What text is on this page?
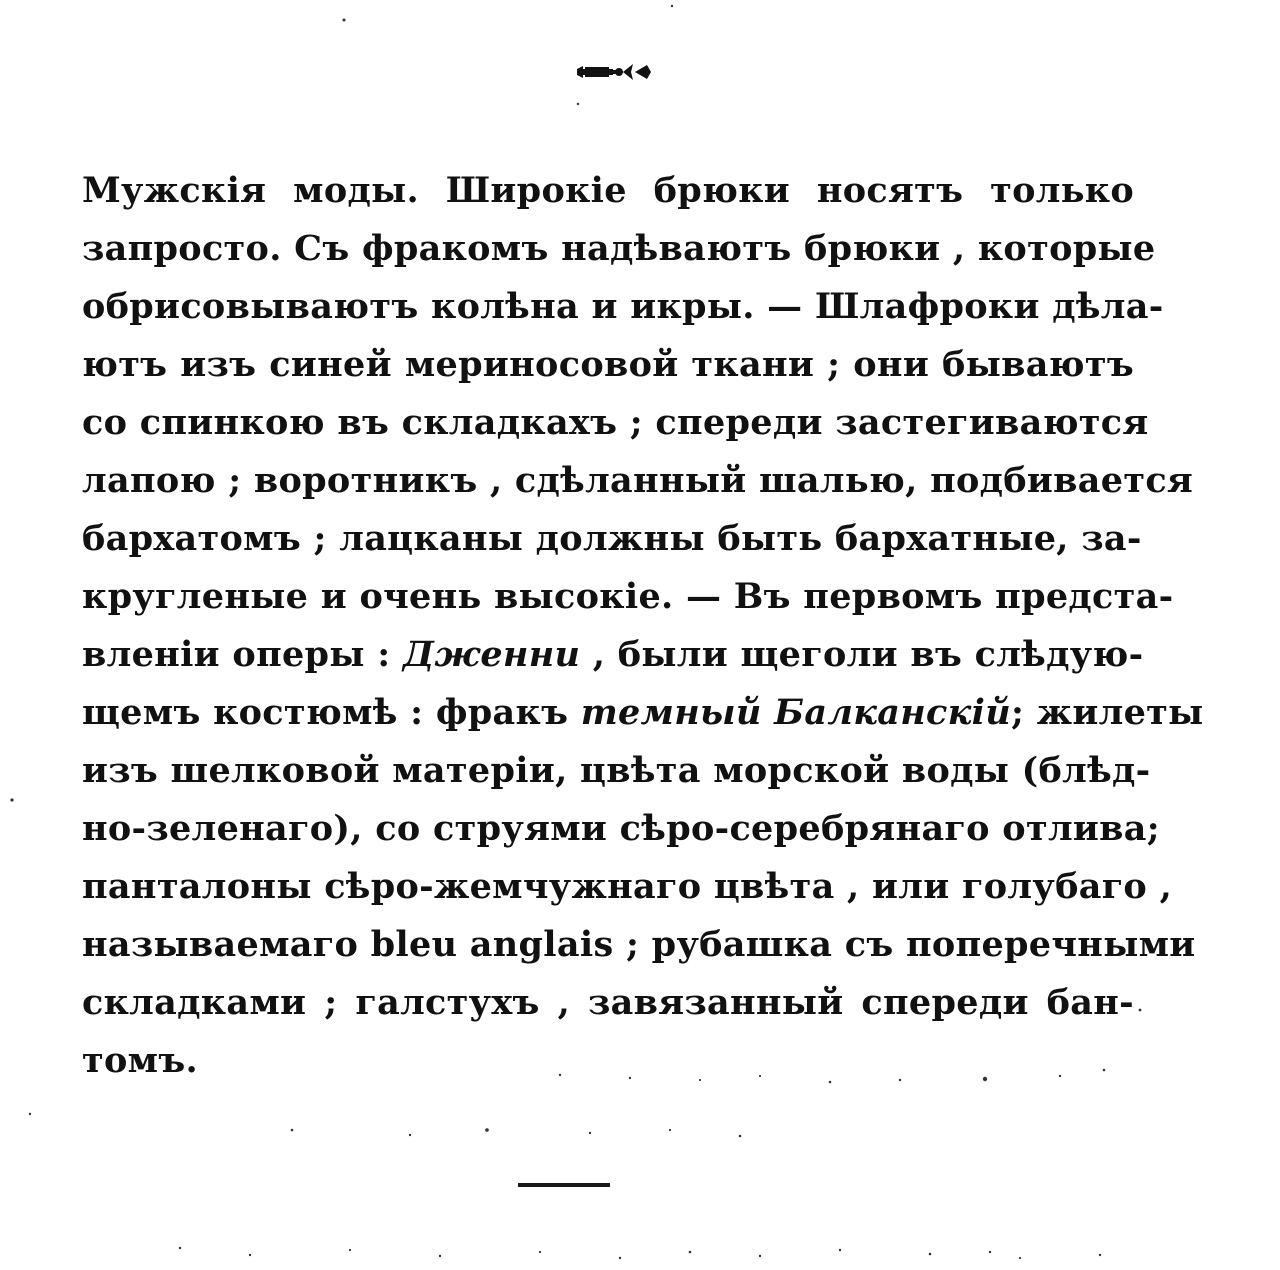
Мужскія моды. Широкіе брюки носятъ только
запросто. Съ фракомъ надѣваютъ брюки , которые
обрисовываютъ колѣна и икры. — Шлафроки дѣла-
ютъ изъ синей мериносовой ткани ; они бываютъ
со спинкою въ складкахъ ; спереди застегиваются
лапою ; воротникъ , сдѣланный шалью, подбивается
бархатомъ ; лацканы должны быть бархатные, за-
кругленые и очень высокіе. — Въ первомъ предста-
вленіи оперы : Дженни , были щеголи въ слѣдую-
щемъ костюмѣ : фракъ темный Балканскій; жилеты
изъ шелковой матеріи, цвѣта морской воды (блѣд-
но-зеленаго), со струями сѣро-серебрянаго отлива;
панталоны сѣро-жемчужнаго цвѣта , или голубаго ,
называемаго bleu anglais ; рубашка съ поперечными
складками ; галстухъ , завязанный спереди бан-
томъ.
